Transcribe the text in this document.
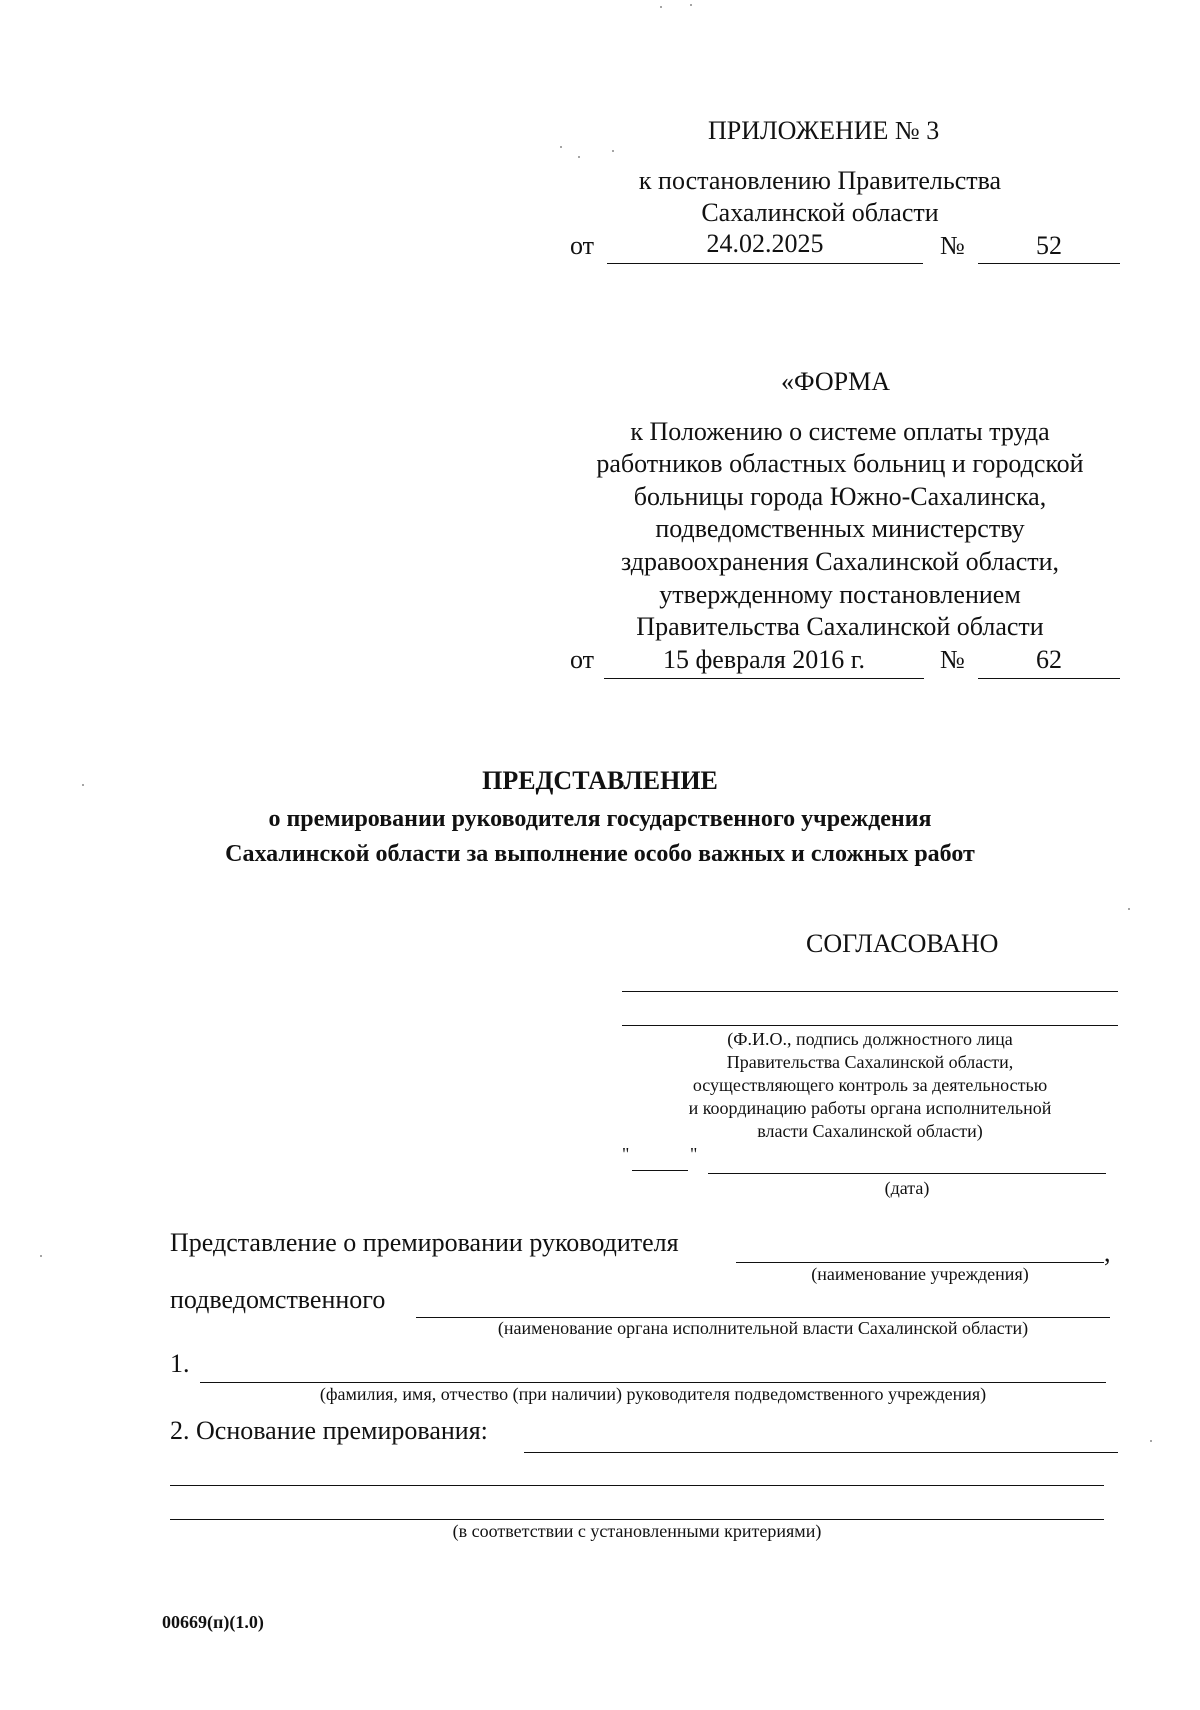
ПРИЛОЖЕНИЕ № 3
к постановлению Правительства
Сахалинской области
от	24.02.2025	№	52
«ФОРМА
к Положению о системе оплаты труда
работников областных больниц и городской
больницы города Южно-Сахалинска,
подведомственных министерству
здравоохранения Сахалинской области,
утвержденному постановлением
Правительства Сахалинской области
от	15 февраля 2016 г.	№	62
ПРЕДСТАВЛЕНИЕ
о премировании руководителя государственного учреждения
Сахалинской области за выполнение особо важных и сложных работ
СОГЛАСОВАНО
(Ф.И.О., подпись должностного лица
Правительства Сахалинской области,
осуществляющего контроль за деятельностью
и координацию работы органа исполнительной
власти Сахалинской области)
"	"
(дата)
Представление о премировании руководителя	,
(наименование учреждения)
подведомственного
(наименование органа исполнительной власти Сахалинской области)
1.
(фамилия, имя, отчество (при наличии) руководителя подведомственного учреждения)
2. Основание премирования:
(в соответствии с установленными критериями)
00669(п)(1.0)
